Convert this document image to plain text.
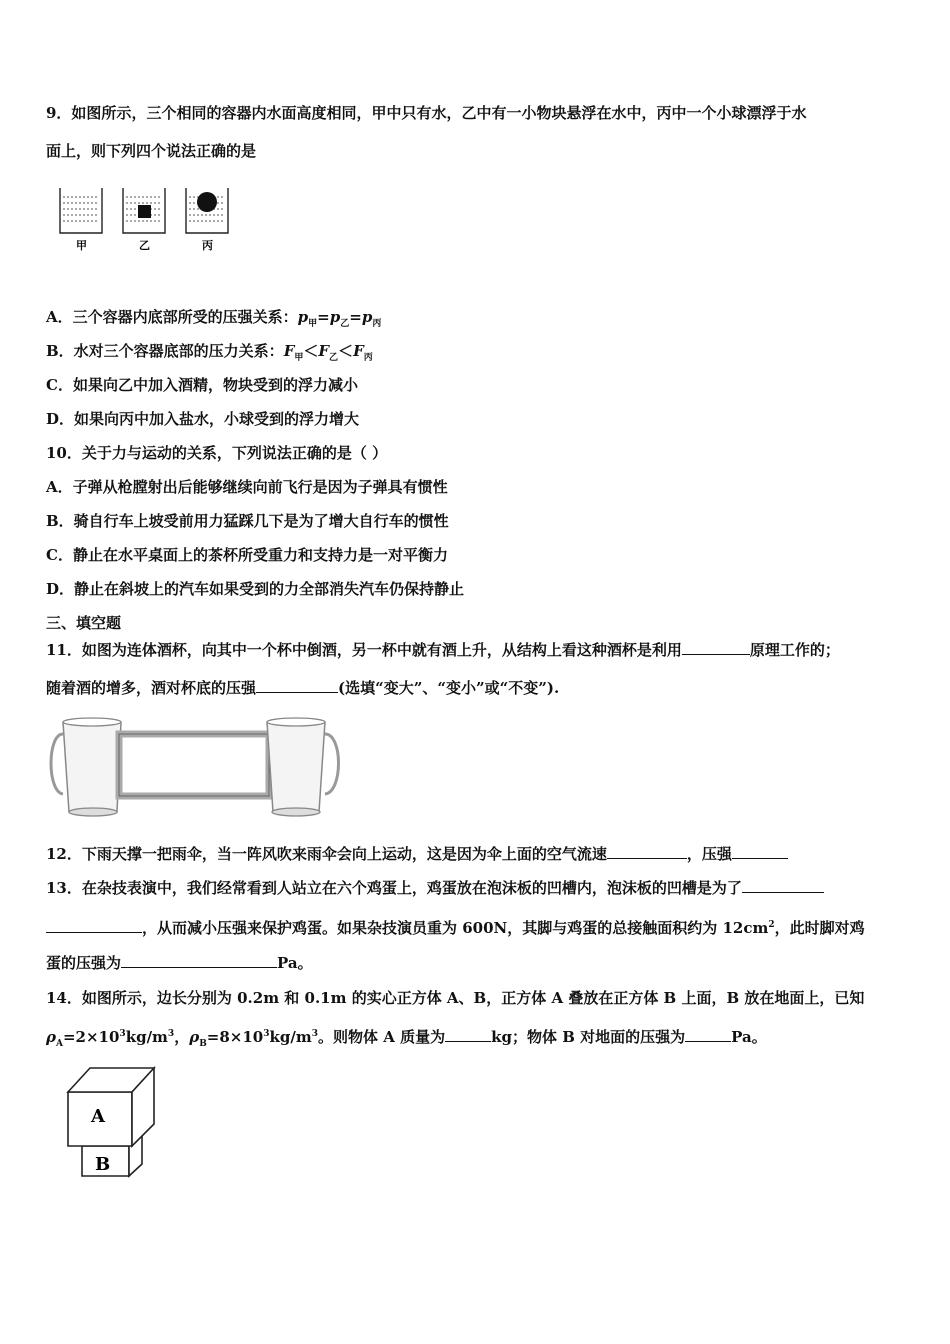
9．如图所示，三个相同的容器内水面高度相同，甲中只有水，乙中有一小物块悬浮在水中，丙中一个小球漂浮于水
面上，则下列四个说法正确的是
甲	乙	丙
A．三个容器内底部所受的压强关系：$p_甲=p_乙=p_丙$
B．水对三个容器底部的压力关系：$F_甲<F_乙<F_丙$
C．如果向乙中加入酒精，物块受到的浮力减小
D．如果向丙中加入盐水，小球受到的浮力增大
10．关于力与运动的关系，下列说法正确的是（ ）
A．子弹从枪膛射出后能够继续向前飞行是因为子弹具有惯性
B．骑自行车上坡受前用力猛踩几下是为了增大自行车的惯性
C．静止在水平桌面上的茶杯所受重力和支持力是一对平衡力
D．静止在斜坡上的汽车如果受到的力全部消失汽车仍保持静止
三、填空题
11．如图为连体酒杯，向其中一个杯中倒酒，另一杯中就有酒上升，从结构上看这种酒杯是利用	原理工作的；
随着酒的增多，酒对杯底的压强	(选填“变大”、“变小”或“不变”).
12．下雨天撑一把雨伞，当一阵风吹来雨伞会向上运动，这是因为伞上面的空气流速	，压强
13．在杂技表演中，我们经常看到人站立在六个鸡蛋上，鸡蛋放在泡沫板的凹槽内，泡沫板的凹槽是为了
，从而减小压强来保护鸡蛋。如果杂技演员重为 600N，其脚与鸡蛋的总接触面积约为 $12cm^2$，此时脚对鸡
蛋的压强为	Pa。
14．如图所示，边长分别为 0.2m 和 0.1m 的实心正方体 A、B，正方体 A 叠放在正方体 B 上面，B 放在地面上，已知
$\rho_A=2\times 10^3kg/m^3$，$\rho_B=8\times 10^3kg/m^3$。则物体 A 质量为	kg；物体 B 对地面的压强为	Pa。
B
A
